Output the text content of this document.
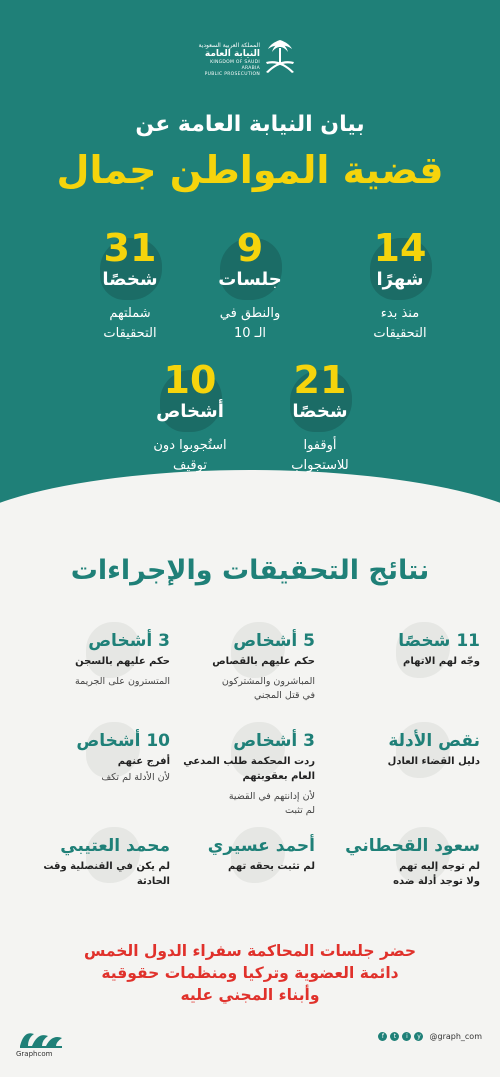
المملكة العربية السعودية
النيابة العامة
KINGDOM OF SAUDI ARABIA
PUBLIC PROSECUTION
بيان النيابة العامة عن
قضية المواطن جمال
14
شهرًا
منذ بدء
التحقيقات
9
جلسات
والنطق في
الـ 10
31
شخصًا
شملتهم
التحقيقات
21
شخصًا
أوقفوا
للاستجواب
10
أشخاص
استُجوبوا دون
توقيف
نتائج التحقيقات والإجراءات
11 شخصًا
وجّه لهم الاتهام
5 أشخاص
حكم عليهم بالقصاص
المباشرون والمشتركون
في قتل المجني
3 أشخاص
حكم عليهم بالسجن
المتسترون على الجريمة
نقص الأدلة
دليل القضاء العادل
3 أشخاص
ردت المحكمة طلب المدعي
العام بعقوبتهم
لأن إدانتهم في القضية
لم تثبت
10 أشخاص
أفرج عنهم
لأن الأدلة لم تكف
سعود القحطاني
لم توجه إليه تهم
ولا توجد أدلة ضده
أحمد عسيري
لم تثبت بحقه تهم
محمد العتيبي
لم يكن في القنصلية وقت
الحادثة
حضر جلسات المحاكمة سفراء الدول الخمس
دائمة العضوية وتركيا ومنظمات حقوقية
وأبناء المجني عليه
Graphcom
f	t	i	y	@graph_com
